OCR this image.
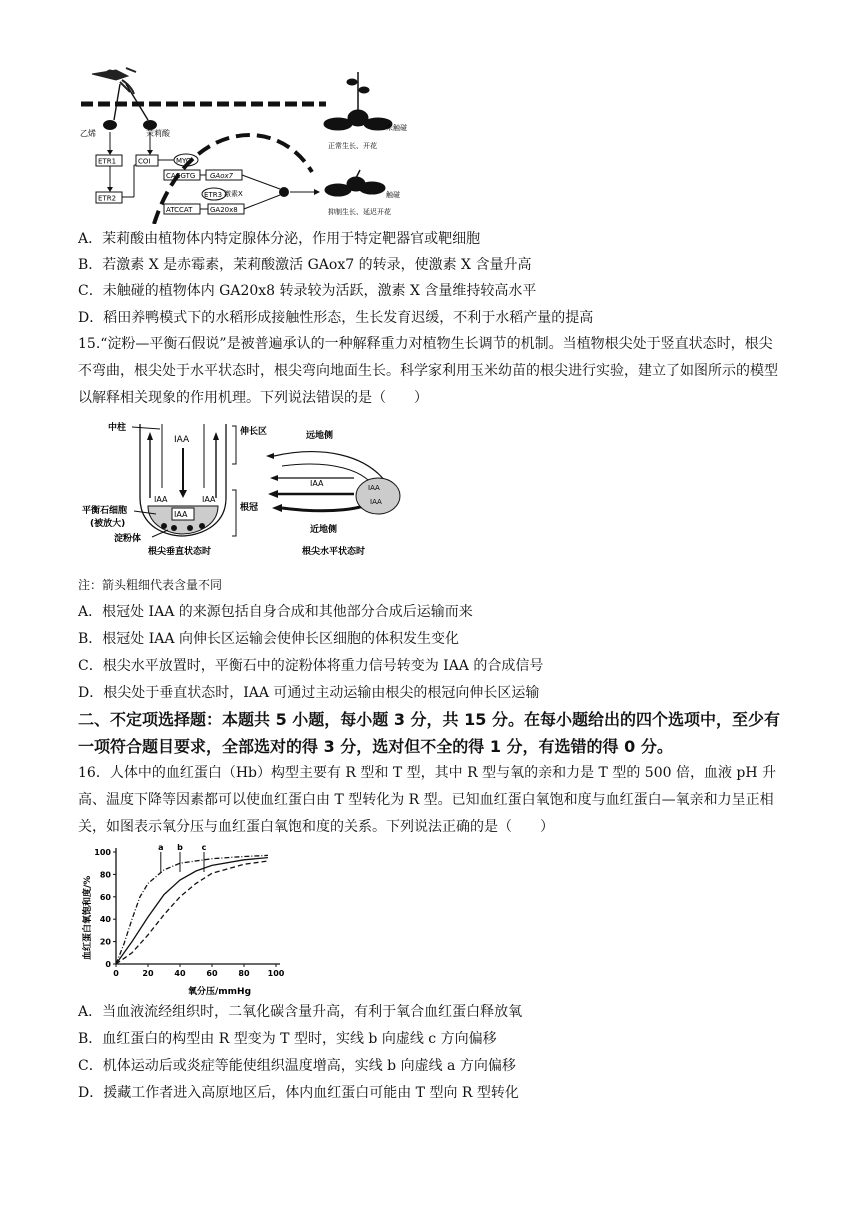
乙烯	茉莉酸
ETR1
ETR2
COI	MYC
CACGTG GAox7
ETR3
ATCCAT	GA20x8
激素X
未触碰
正常生长、开花
触碰
抑制生长、延迟开花
A．茉莉酸由植物体内特定腺体分泌，作用于特定靶器官或靶细胞
B．若激素 X 是赤霉素，茉莉酸激活 GAox7 的转录，使激素 X 含量升高
C．未触碰的植物体内 GA20x8 转录较为活跃，激素 X 含量维持较高水平
D．稻田养鸭模式下的水稻形成接触性形态，生长发育迟缓，不利于水稻产量的提高
15.“淀粉—平衡石假说”是被普遍承认的一种解释重力对植物生长调节的机制。当植物根尖处于竖直状态时，根尖不弯曲，根尖处于水平状态时，根尖弯向地面生长。科学家利用玉米幼苗的根尖进行实验，建立了如图所示的模型以解释相关现象的作用机理。下列说法错误的是（　　）
中柱
IAA
IAA	IAA
IAA
伸长区
根冠
平衡石细胞
(被放大)
淀粉体
根尖垂直状态时
远地侧
IAA	IAA
IAA
近地侧
根尖水平状态时
注：箭头粗细代表含量不同
A．根冠处 IAA 的来源包括自身合成和其他部分合成后运输而来
B．根冠处 IAA 向伸长区运输会使伸长区细胞的体积发生变化
C．根尖水平放置时，平衡石中的淀粉体将重力信号转变为 IAA 的合成信号
D．根尖处于垂直状态时，IAA 可通过主动运输由根尖的根冠向伸长区运输
二、不定项选择题：本题共 5 小题，每小题 3 分，共 15 分。在每小题给出的四个选项中，至少有一项符合题目要求，全部选对的得 3 分，选对但不全的得 1 分，有选错的得 0 分。
16．人体中的血红蛋白（Hb）构型主要有 R 型和 T 型，其中 R 型与氧的亲和力是 T 型的 500 倍，血液 pH 升高、温度下降等因素都可以使血红蛋白由 T 型转化为 R 型。已知血红蛋白氧饱和度与血红蛋白—氧亲和力呈正相关，如图表示氧分压与血红蛋白氧饱和度的关系。下列说法正确的是（　　）
0	20	40	60	80 100
0
20
40
60
80
100
a b c
血红蛋白氧饱和度/%
氧分压/mmHg
A．当血液流经组织时，二氧化碳含量升高，有利于氧合血红蛋白释放氧
B．血红蛋白的构型由 R 型变为 T 型时，实线 b 向虚线 c 方向偏移
C．机体运动后或炎症等能使组织温度增高，实线 b 向虚线 a 方向偏移
D．援藏工作者进入高原地区后，体内血红蛋白可能由 T 型向 R 型转化
